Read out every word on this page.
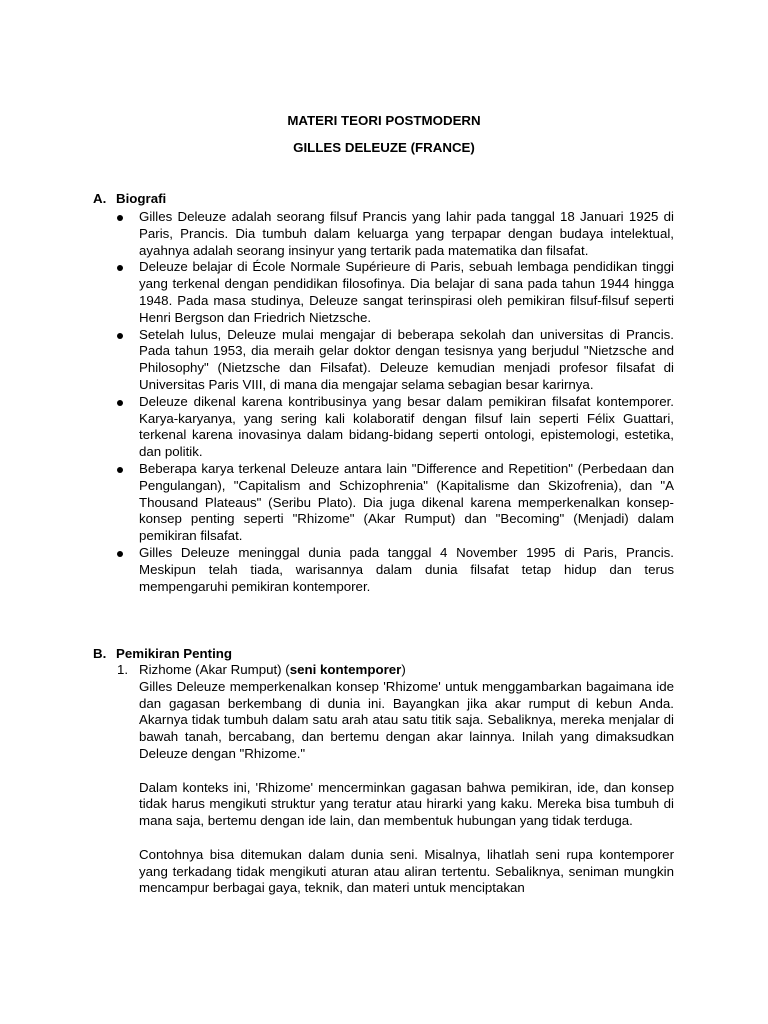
MATERI TEORI POSTMODERN
GILLES DELEUZE (FRANCE)
A. Biografi
Gilles Deleuze adalah seorang filsuf Prancis yang lahir pada tanggal 18 Januari 1925 di Paris, Prancis. Dia tumbuh dalam keluarga yang terpapar dengan budaya intelektual, ayahnya adalah seorang insinyur yang tertarik pada matematika dan filsafat.
Deleuze belajar di École Normale Supérieure di Paris, sebuah lembaga pendidikan tinggi yang terkenal dengan pendidikan filosofinya. Dia belajar di sana pada tahun 1944 hingga 1948. Pada masa studinya, Deleuze sangat terinspirasi oleh pemikiran filsuf-filsuf seperti Henri Bergson dan Friedrich Nietzsche.
Setelah lulus, Deleuze mulai mengajar di beberapa sekolah dan universitas di Prancis. Pada tahun 1953, dia meraih gelar doktor dengan tesisnya yang berjudul "Nietzsche and Philosophy" (Nietzsche dan Filsafat). Deleuze kemudian menjadi profesor filsafat di Universitas Paris VIII, di mana dia mengajar selama sebagian besar karirnya.
Deleuze dikenal karena kontribusinya yang besar dalam pemikiran filsafat kontemporer. Karya-karyanya, yang sering kali kolaboratif dengan filsuf lain seperti Félix Guattari, terkenal karena inovasinya dalam bidang-bidang seperti ontologi, epistemologi, estetika, dan politik.
Beberapa karya terkenal Deleuze antara lain "Difference and Repetition" (Perbedaan dan Pengulangan), "Capitalism and Schizophrenia" (Kapitalisme dan Skizofrenia), dan "A Thousand Plateaus" (Seribu Plato). Dia juga dikenal karena memperkenalkan konsep-konsep penting seperti "Rhizome" (Akar Rumput) dan "Becoming" (Menjadi) dalam pemikiran filsafat.
Gilles Deleuze meninggal dunia pada tanggal 4 November 1995 di Paris, Prancis. Meskipun telah tiada, warisannya dalam dunia filsafat tetap hidup dan terus mempengaruhi pemikiran kontemporer.
B. Pemikiran Penting
1. Rizhome (Akar Rumput) (seni kontemporer)

Gilles Deleuze memperkenalkan konsep 'Rhizome' untuk menggambarkan bagaimana ide dan gagasan berkembang di dunia ini. Bayangkan jika akar rumput di kebun Anda. Akarnya tidak tumbuh dalam satu arah atau satu titik saja. Sebaliknya, mereka menjalar di bawah tanah, bercabang, dan bertemu dengan akar lainnya. Inilah yang dimaksudkan Deleuze dengan "Rhizome."

Dalam konteks ini, 'Rhizome' mencerminkan gagasan bahwa pemikiran, ide, dan konsep tidak harus mengikuti struktur yang teratur atau hirarki yang kaku. Mereka bisa tumbuh di mana saja, bertemu dengan ide lain, dan membentuk hubungan yang tidak terduga.

Contohnya bisa ditemukan dalam dunia seni. Misalnya, lihatlah seni rupa kontemporer yang terkadang tidak mengikuti aturan atau aliran tertentu. Sebaliknya, seniman mungkin mencampur berbagai gaya, teknik, dan materi untuk menciptakan
